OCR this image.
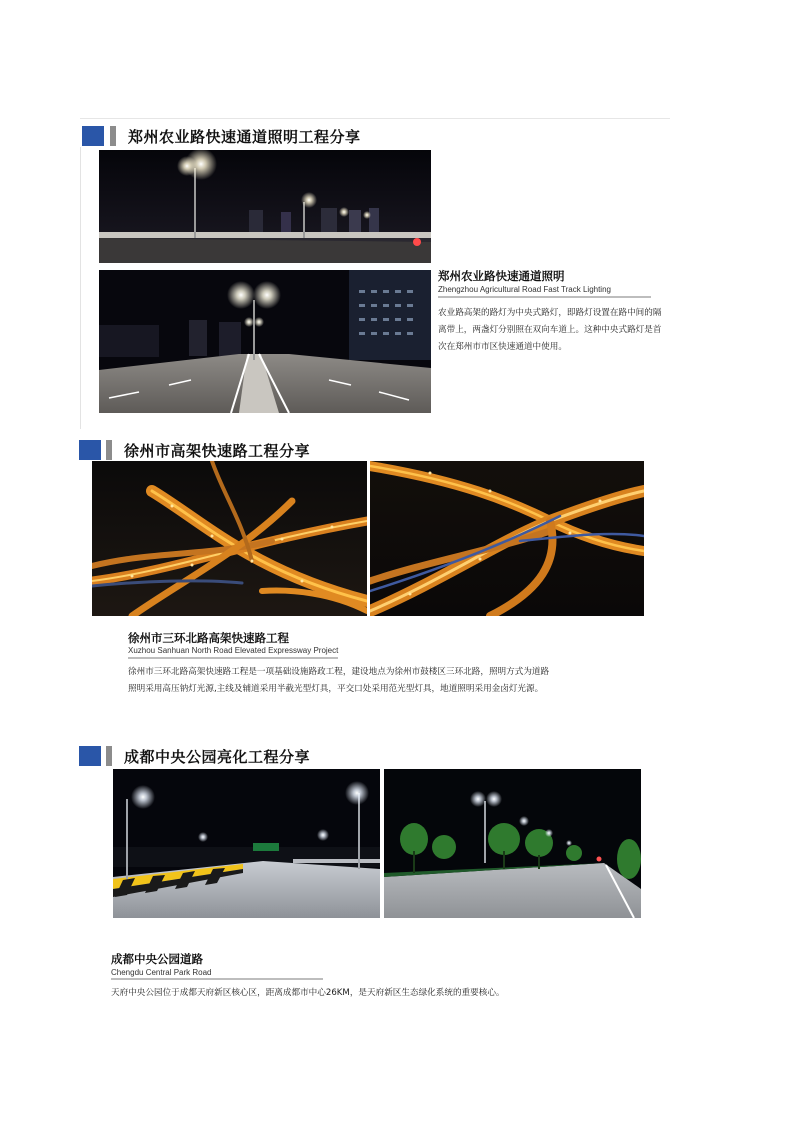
郑州农业路快速通道照明工程分享
郑州农业路快速通道照明
Zhengzhou Agricultural Road Fast Track Lighting
农业路高架的路灯为中央式路灯，即路灯设置在路中间的隔离带上，两盏灯分别照在双向车道上。这种中央式路灯是首次在郑州市市区快速通道中使用。
徐州市高架快速路工程分享
徐州市三环北路高架快速路工程
Xuzhou Sanhuan North Road Elevated Expressway Project
徐州市三环北路高架快速路工程是一项基础设施路政工程，建设地点为徐州市鼓楼区三环北路，照明方式为道路照明采用高压钠灯光源,主线及辅道采用半截光型灯具，平交口处采用范光型灯具，地道照明采用金卤灯光源。
成都中央公园亮化工程分享
成都中央公园道路
Chengdu Central Park Road
天府中央公园位于成都天府新区核心区，距离成都市中心26KM，是天府新区生态绿化系统的重要核心。
